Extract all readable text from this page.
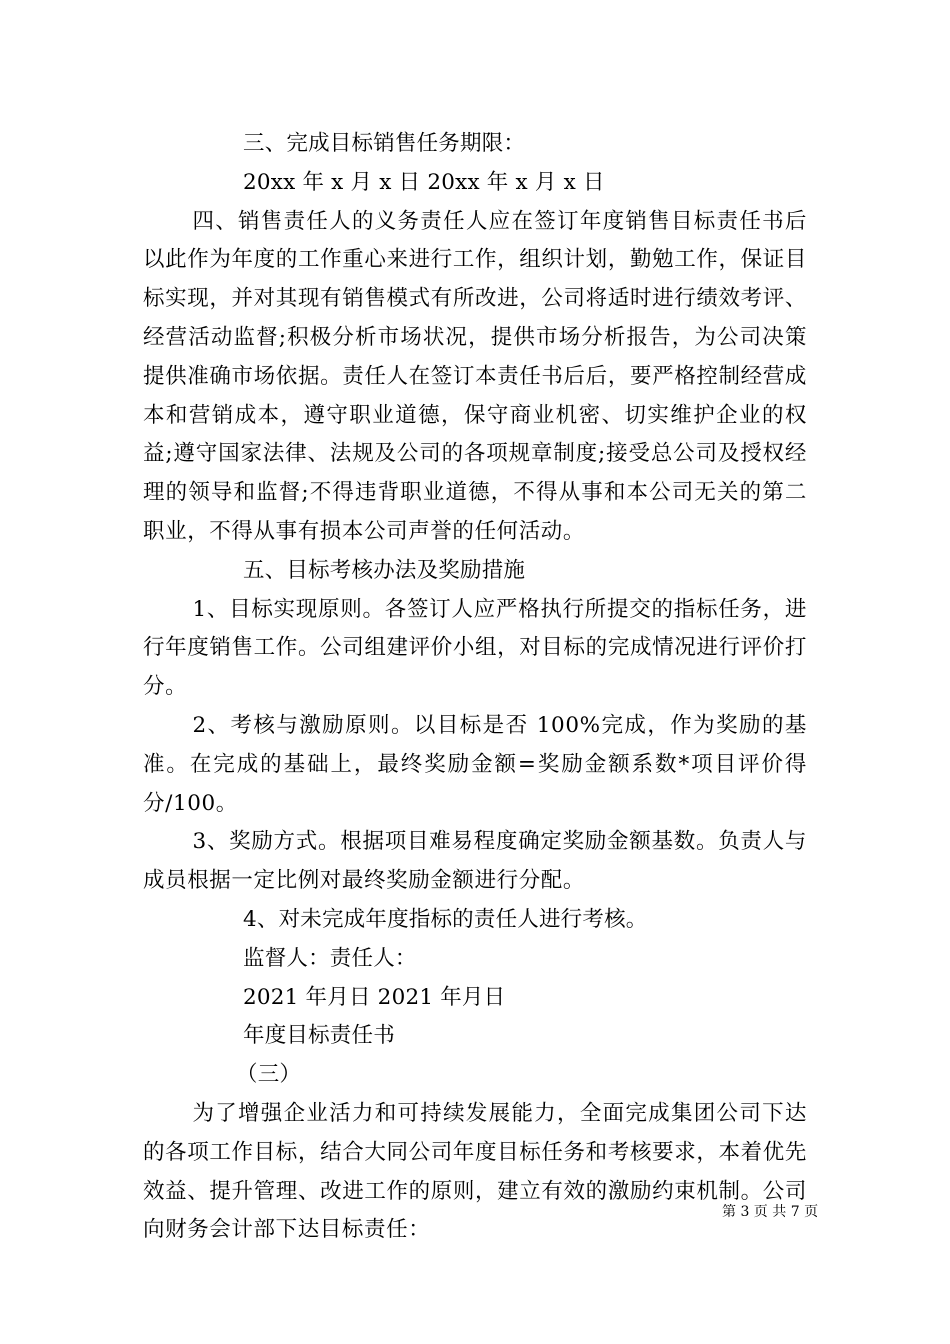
三、完成目标销售任务期限：
20xx 年 x 月 x 日 20xx 年 x 月 x 日

四、销售责任人的义务责任人应在签订年度销售目标责任书后以此作为年度的工作重心来进行工作，组织计划，勤勉工作，保证目标实现，并对其现有销售模式有所改进，公司将适时进行绩效考评、经营活动监督;积极分析市场状况，提供市场分析报告，为公司决策提供准确市场依据。责任人在签订本责任书后后，要严格控制经营成本和营销成本，遵守职业道德，保守商业机密、切实维护企业的权益;遵守国家法律、法规及公司的各项规章制度;接受总公司及授权经理的领导和监督;不得违背职业道德，不得从事和本公司无关的第二职业，不得从事有损本公司声誉的任何活动。

五、目标考核办法及奖励措施

1、目标实现原则。各签订人应严格执行所提交的指标任务，进行年度销售工作。公司组建评价小组，对目标的完成情况进行评价打分。

2、考核与激励原则。以目标是否 100%完成，作为奖励的基准。在完成的基础上，最终奖励金额=奖励金额系数*项目评价得分/100。

3、奖励方式。根据项目难易程度确定奖励金额基数。负责人与成员根据一定比例对最终奖励金额进行分配。

4、对未完成年度指标的责任人进行考核。
监督人：责任人：
2021 年月日 2021 年月日
年度目标责任书
（三）

为了增强企业活力和可持续发展能力，全面完成集团公司下达的各项工作目标，结合大同公司年度目标任务和考核要求，本着优先效益、提升管理、改进工作的原则，建立有效的激励约束机制。公司向财务会计部下达目标责任：

第 3 页 共 7 页
